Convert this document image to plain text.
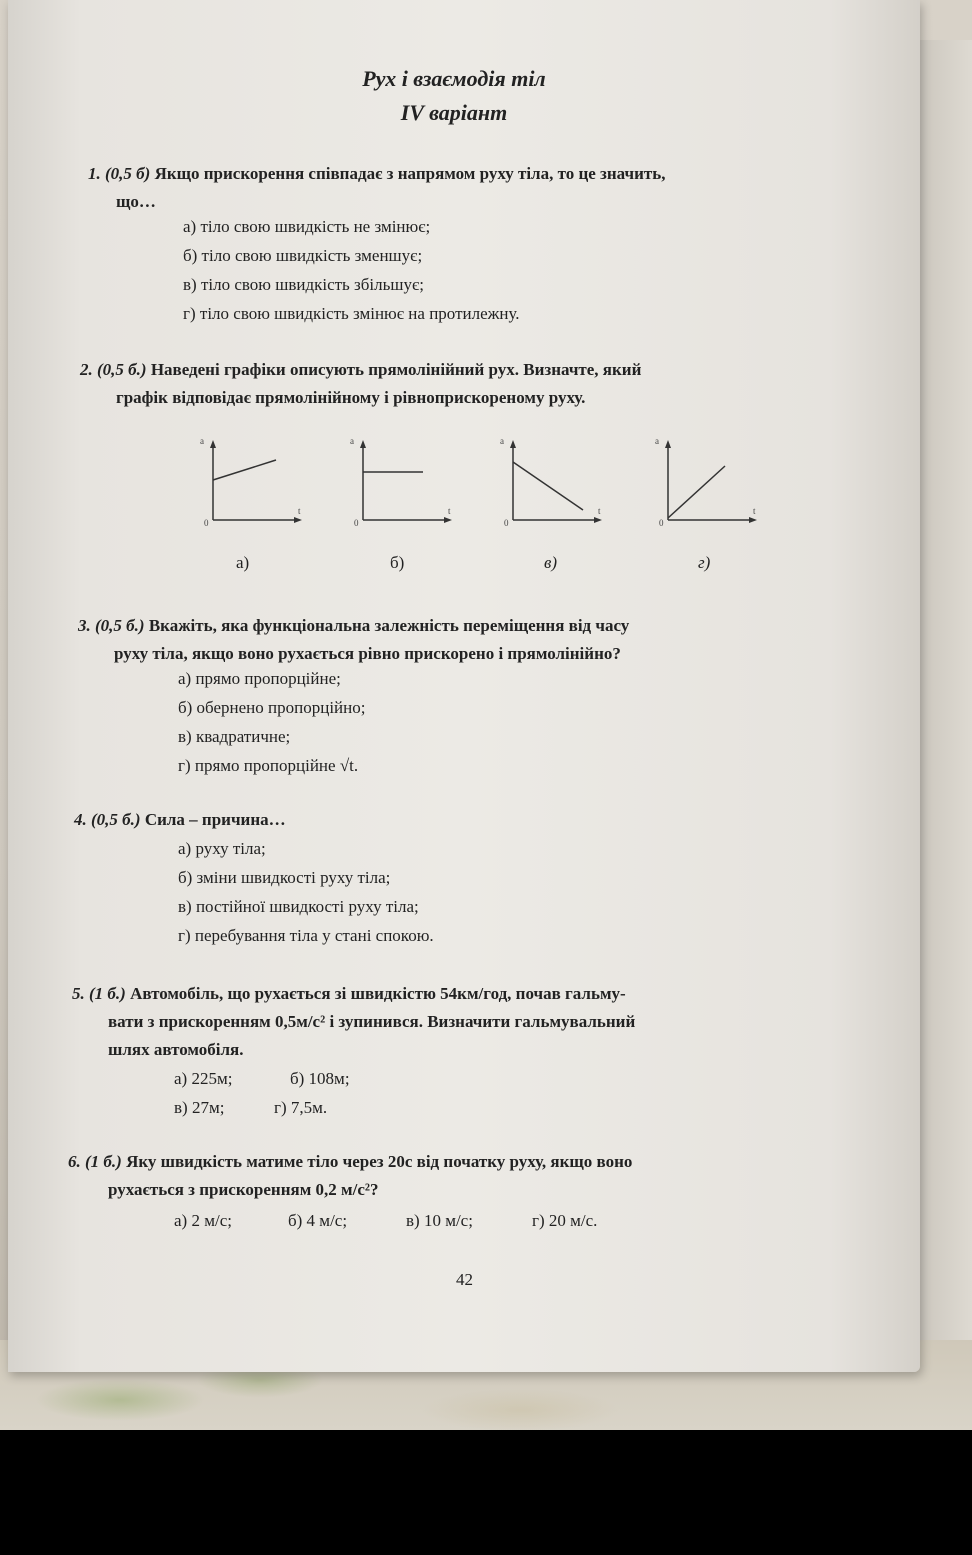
Рух і взаємодія тіл
IV варіант
1. (0,5 б) Якщо прискорення співпадає з напрямом руху тіла, то це значить,
що…
а) тіло свою швидкість не змінює;
б) тіло свою швидкість зменшує;
в) тіло свою швидкість збільшує;
г) тіло свою швидкість змінює на протилежну.
2. (0,5 б.) Наведені графіки описують прямолінійний рух. Визначте, який
графік відповідає прямолінійному і рівноприскореному руху.
a
t
0
a
t
0
a
t
0
a
t
0
а)	б)	в)	г)
3. (0,5 б.) Вкажіть, яка функціональна залежність переміщення від часу
руху тіла, якщо воно рухається рівно прискорено і прямолінійно?
а) прямо пропорційне;
б) обернено пропорційно;
в) квадратичне;
г) прямо пропорційне √t.
4. (0,5 б.) Сила – причина…
а) руху тіла;
б) зміни швидкості руху тіла;
в) постійної швидкості руху тіла;
г) перебування тіла у стані спокою.
5. (1 б.) Автомобіль, що рухається зі швидкістю 54км/год, почав гальму-
вати з прискоренням 0,5м/с² і зупинився. Визначити гальмувальний
шлях автомобіля.
а) 225м;	б) 108м;
в) 27м;	г) 7,5м.
6. (1 б.) Яку швидкість матиме тіло через 20с від початку руху, якщо воно
рухається з прискоренням 0,2 м/с²?
а) 2 м/с;	б) 4 м/с;	в) 10 м/с;	г) 20 м/с.
42
